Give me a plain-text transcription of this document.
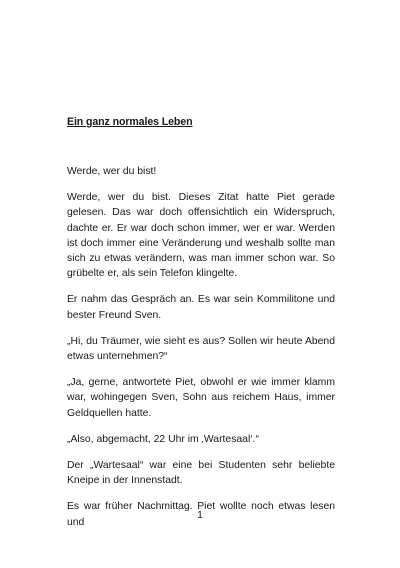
Ein ganz normales Leben

Werde, wer du bist!

Werde, wer du bist. Dieses Zitat hatte Piet gerade gelesen. Das war doch offensichtlich ein Widerspruch, dachte er. Er war doch schon immer, wer er war. Werden ist doch immer eine Veränderung und weshalb sollte man sich zu etwas verändern, was man immer schon war. So grübelte er, als sein Telefon klingelte.

Er nahm das Gespräch an. Es war sein Kommilitone und bester Freund Sven.

„Hi, du Träumer, wie sieht es aus? Sollen wir heute Abend etwas unternehmen?“

„Ja, gerne, antwortete Piet, obwohl er wie immer klamm war, wohingegen Sven, Sohn aus reichem Haus, immer Geldquellen hatte.

„Also, abgemacht, 22 Uhr im ‚Wartesaal‘.“

Der „Wartesaal“ war eine bei Studenten sehr beliebte Kneipe in der Innenstadt.

Es war früher Nachmittag. Piet wollte noch etwas lesen und

1
